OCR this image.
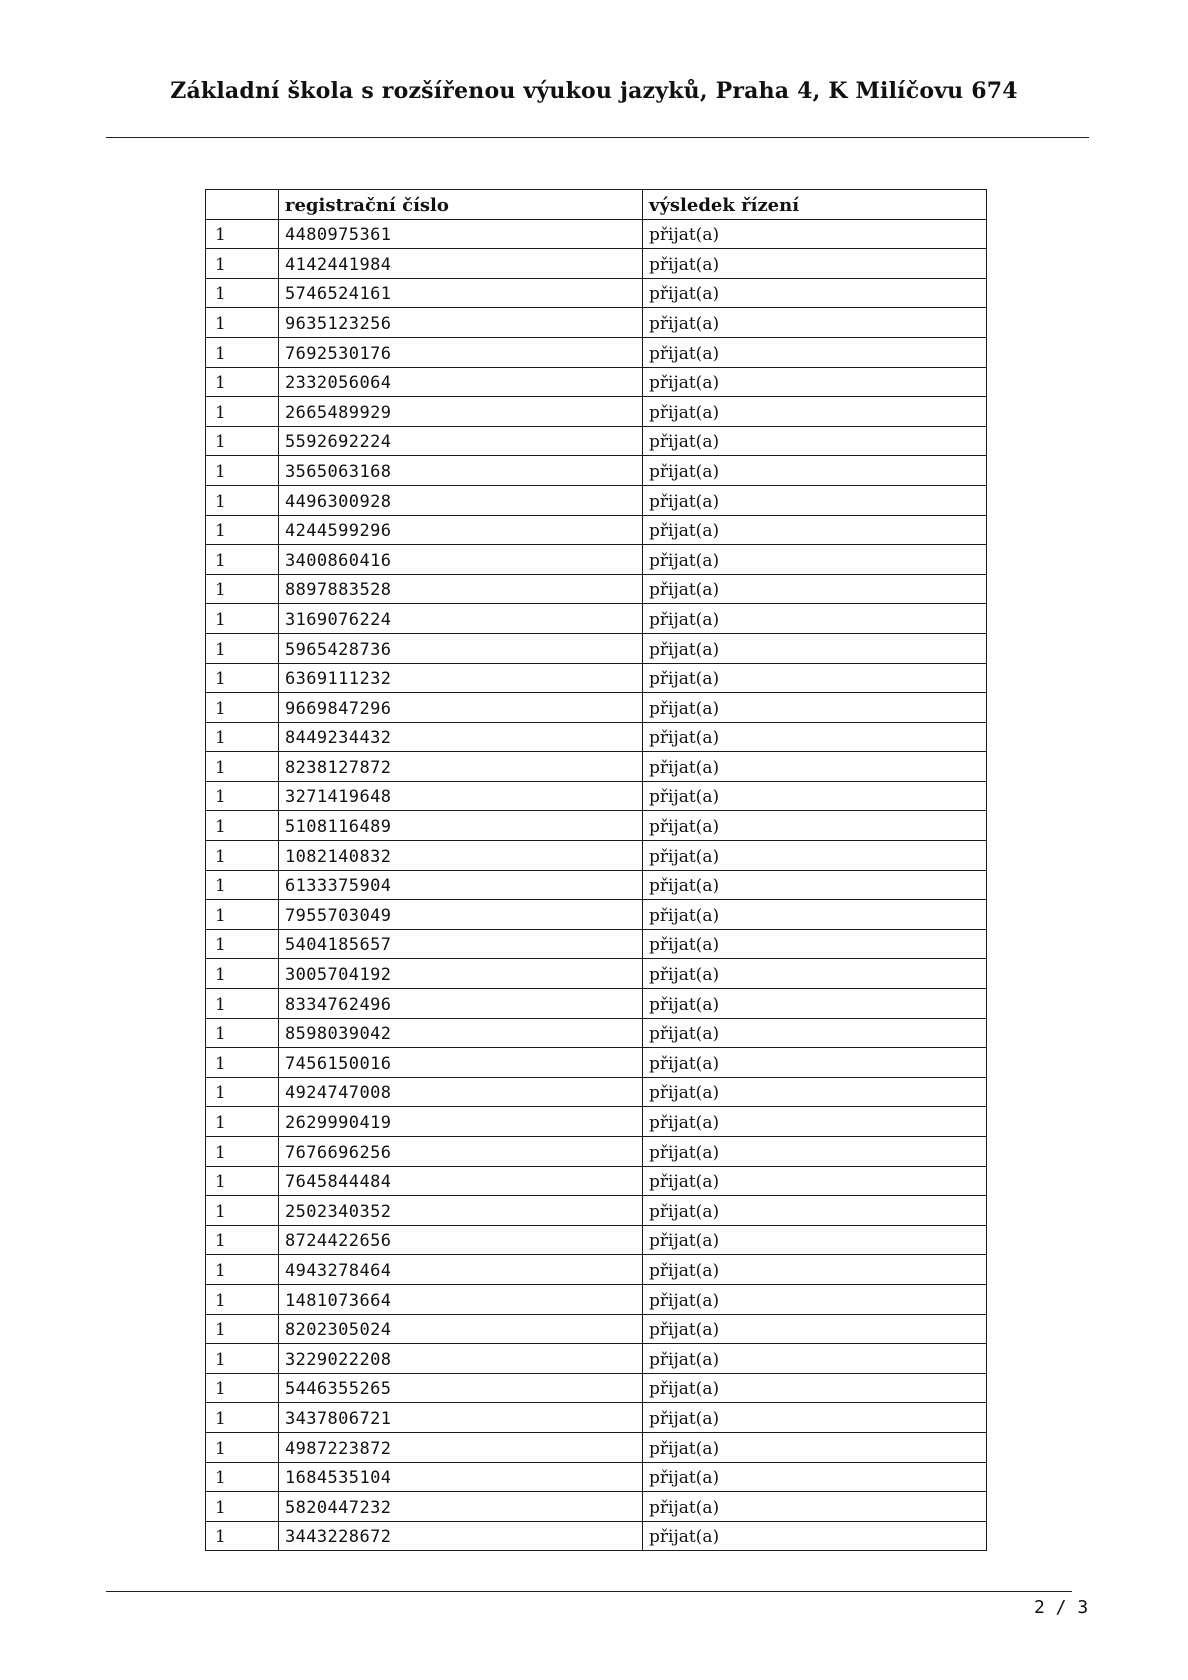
Základní škola s rozšířenou výukou jazyků, Praha 4, K Milíčovu 674
	registrační číslo	výsledek řízení
1	4480975361	přijat(a)
1	4142441984	přijat(a)
1	5746524161	přijat(a)
1	9635123256	přijat(a)
1	7692530176	přijat(a)
1	2332056064	přijat(a)
1	2665489929	přijat(a)
1	5592692224	přijat(a)
1	3565063168	přijat(a)
1	4496300928	přijat(a)
1	4244599296	přijat(a)
1	3400860416	přijat(a)
1	8897883528	přijat(a)
1	3169076224	přijat(a)
1	5965428736	přijat(a)
1	6369111232	přijat(a)
1	9669847296	přijat(a)
1	8449234432	přijat(a)
1	8238127872	přijat(a)
1	3271419648	přijat(a)
1	5108116489	přijat(a)
1	1082140832	přijat(a)
1	6133375904	přijat(a)
1	7955703049	přijat(a)
1	5404185657	přijat(a)
1	3005704192	přijat(a)
1	8334762496	přijat(a)
1	8598039042	přijat(a)
1	7456150016	přijat(a)
1	4924747008	přijat(a)
1	2629990419	přijat(a)
1	7676696256	přijat(a)
1	7645844484	přijat(a)
1	2502340352	přijat(a)
1	8724422656	přijat(a)
1	4943278464	přijat(a)
1	1481073664	přijat(a)
1	8202305024	přijat(a)
1	3229022208	přijat(a)
1	5446355265	přijat(a)
1	3437806721	přijat(a)
1	4987223872	přijat(a)
1	1684535104	přijat(a)
1	5820447232	přijat(a)
1	3443228672	přijat(a)
2 / 3
